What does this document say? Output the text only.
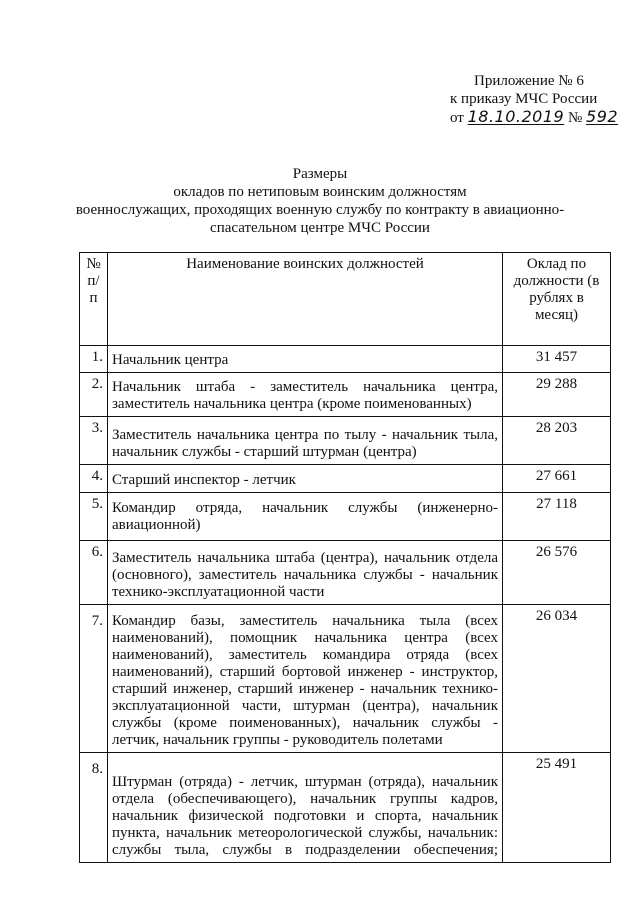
Приложение № 6
к приказу МЧС России
от 18.10.2019 № 592
Размеры
окладов по нетиповым воинским должностям
военнослужащих, проходящих военную службу по контракту в авиационно-
спасательном центре МЧС России
№ п/п	Наименование воинских должностей	Оклад по должности (в рублях в месяц)
1.	Начальник центра	31 457
2.	Начальник штаба - заместитель начальника центра, заместитель начальника центра (кроме поименованных)	29 288
3.	Заместитель начальника центра по тылу - начальник тыла, начальник службы - старший штурман (центра)	28 203
4.	Старший инспектор - летчик	27 661
5.	Командир отряда, начальник службы (инженерно-авиационной)	27 118
6.	Заместитель начальника штаба (центра), начальник отдела (основного), заместитель начальника службы - начальник технико-эксплуатационной части	26 576
7.	Командир базы, заместитель начальника тыла (всех наименований), помощник начальника центра (всех наименований), заместитель командира отряда (всех наименований), старший бортовой инженер - инструктор, старший инженер, старший инженер - начальник технико-эксплуатационной части, штурман (центра), начальник службы (кроме поименованных), начальник службы - летчик, начальник группы - руководитель полетами	26 034
8.	Штурман (отряда) - летчик, штурман (отряда), начальник отдела (обеспечивающего), начальник группы кадров, начальник физической подготовки и спорта, начальник пункта, начальник метеорологической службы, начальник: службы тыла, службы в подразделении обеспечения;	25 491
